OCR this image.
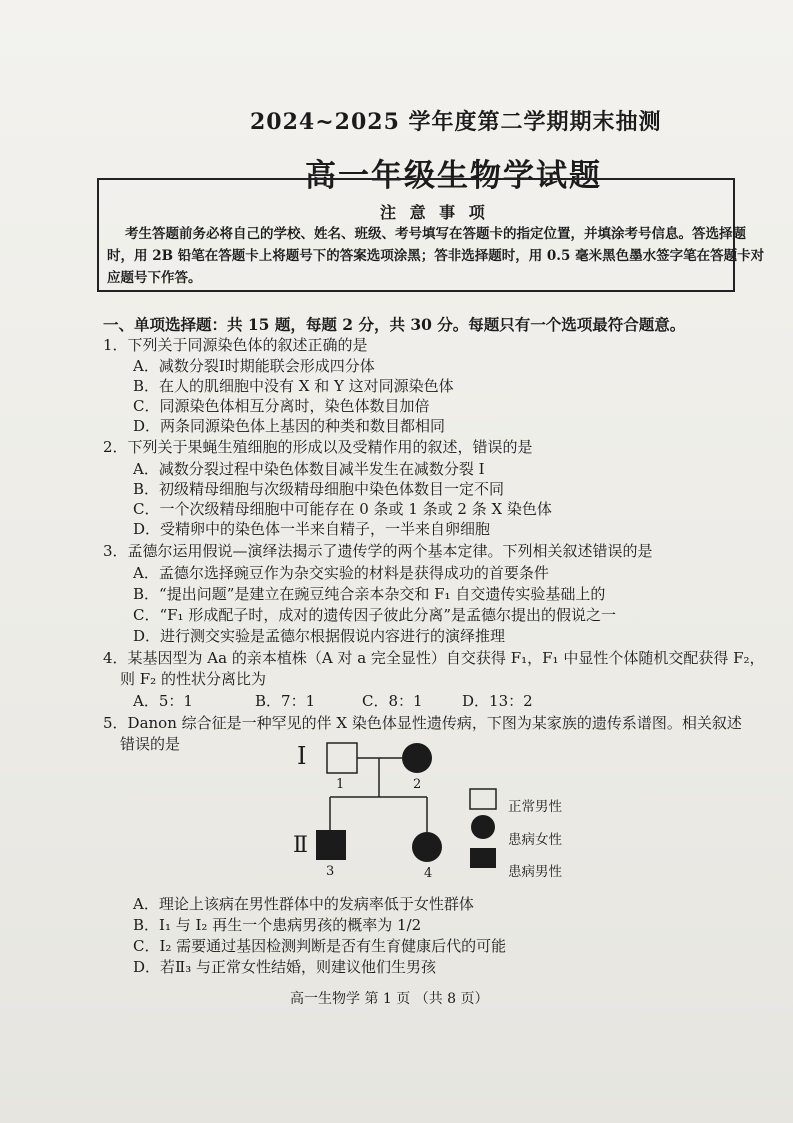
2024~2025 学年度第二学期期末抽测
高一年级生物学试题
注 意 事 项
考生答题前务必将自己的学校、姓名、班级、考号填写在答题卡的指定位置，并填涂考号信息。答选择题
时，用 2B 铅笔在答题卡上将题号下的答案选项涂黑；答非选择题时，用 0.5 毫米黑色墨水签字笔在答题卡对
应题号下作答。
一、单项选择题：共 15 题，每题 2 分，共 30 分。每题只有一个选项最符合题意。
1．下列关于同源染色体的叙述正确的是
A．减数分裂Ⅰ时期能联会形成四分体
B．在人的肌细胞中没有 X 和 Y 这对同源染色体
C．同源染色体相互分离时，染色体数目加倍
D．两条同源染色体上基因的种类和数目都相同
2．下列关于果蝇生殖细胞的形成以及受精作用的叙述，错误的是
A．减数分裂过程中染色体数目减半发生在减数分裂 Ⅰ
B．初级精母细胞与次级精母细胞中染色体数目一定不同
C．一个次级精母细胞中可能存在 0 条或 1 条或 2 条 X 染色体
D．受精卵中的染色体一半来自精子，一半来自卵细胞
3．孟德尔运用假说—演绎法揭示了遗传学的两个基本定律。下列相关叙述错误的是
A．孟德尔选择豌豆作为杂交实验的材料是获得成功的首要条件
B．“提出问题”是建立在豌豆纯合亲本杂交和 F₁ 自交遗传实验基础上的
C．“F₁ 形成配子时，成对的遗传因子彼此分离”是孟德尔提出的假说之一
D．进行测交实验是孟德尔根据假说内容进行的演绎推理
4．某基因型为 Aa 的亲本植株（A 对 a 完全显性）自交获得 F₁，F₁ 中显性个体随机交配获得 F₂，
则 F₂ 的性状分离比为
A．5：1	B．7：1	C．8：1	D．13：2
5．Danon 综合征是一种罕见的伴 X 染色体显性遗传病，下图为某家族的遗传系谱图。相关叙述
错误的是	I
Ⅱ
1	2
3	4
正常男性
患病女性
患病男性
A．理论上该病在男性群体中的发病率低于女性群体
B．I₁ 与 I₂ 再生一个患病男孩的概率为 1/2
C．I₂ 需要通过基因检测判断是否有生育健康后代的可能
D．若Ⅱ₃ 与正常女性结婚，则建议他们生男孩
高一生物学 第 1 页 （共 8 页）
